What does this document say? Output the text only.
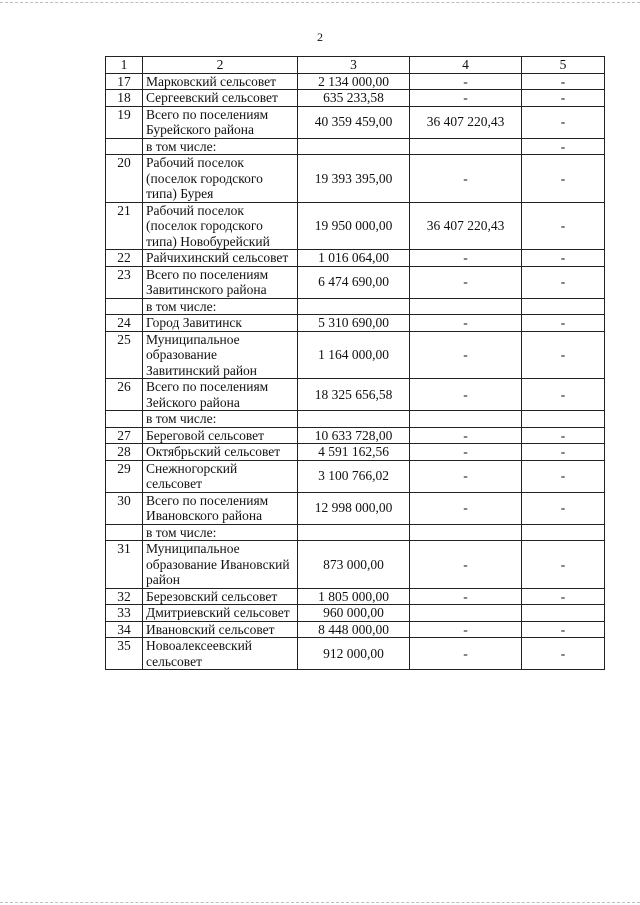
2
1	2	3	4	5
17	Марковский сельсовет	2 134 000,00	-	-
18	Сергеевский сельсовет	635 233,58	-	-
19	Всего по поселениям Бурейского района	40 359 459,00	36 407 220,43	-
	в том числе:			-
20	Рабочий поселок (поселок городского типа) Бурея	19 393 395,00	-	-
21	Рабочий поселок (поселок городского типа) Новобурейский	19 950 000,00	36 407 220,43	-
22	Райчихинский сельсовет	1 016 064,00	-	-
23	Всего по поселениям Завитинского района	6 474 690,00	-	-
	в том числе:			
24	Город Завитинск	5 310 690,00	-	-
25	Муниципальное образование Завитинский район	1 164 000,00	-	-
26	Всего по поселениям Зейского района	18 325 656,58	-	-
	в том числе:			
27	Береговой сельсовет	10 633 728,00	-	-
28	Октябрьский сельсовет	4 591 162,56	-	-
29	Снежногорский сельсовет	3 100 766,02	-	-
30	Всего по поселениям Ивановского района	12 998 000,00	-	-
	в том числе:			
31	Муниципальное образование Ивановский район	873 000,00	-	-
32	Березовский сельсовет	1 805 000,00	-	-
33	Дмитриевский сельсовет	960 000,00		
34	Ивановский сельсовет	8 448 000,00	-	-
35	Новоалексеевский сельсовет	912 000,00	-	-
